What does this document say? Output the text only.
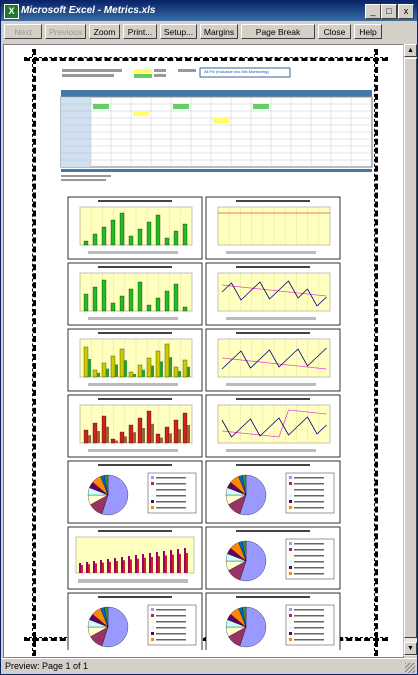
X Microsoft Excel - Metrics.xls	_	□	x
Next	Previous	Zoom	Print...	Setup...	Margins	Page Break	Close	Help
All Fix (Inclusive w/o Mix Monitoring)
▲
▼
Preview: Page 1 of 1
